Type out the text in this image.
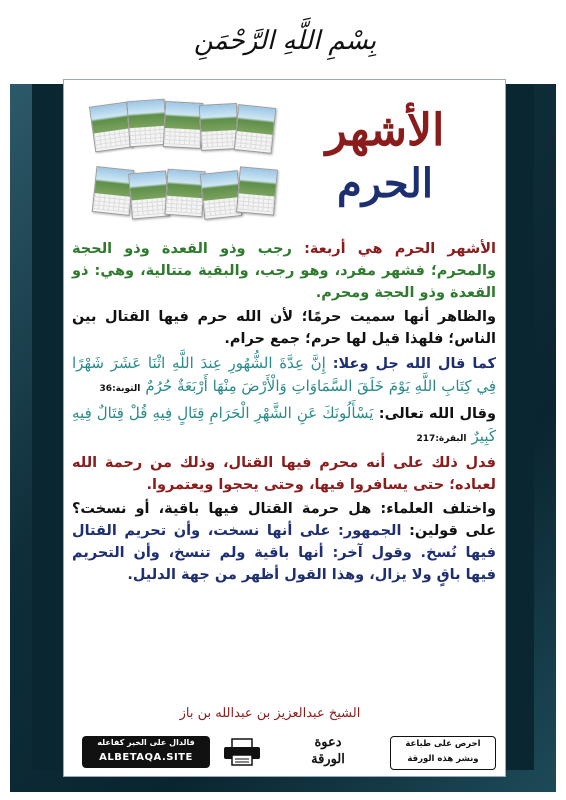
بِسْمِ اللَّهِ الرَّحْمَنِ
الأشهر
الحرم

الأشهر الحرم هي أربعة: رجب وذو القعدة وذو الحجة والمحرم؛ فشهر مفرد، وهو رجب، والبقية متتالية، وهي: ذو القعدة وذو الحجة ومحرم.

والظاهر أنها سميت حرمًا؛ لأن الله حرم فيها القتال بين الناس؛ فلهذا قيل لها حرم؛ جمع حرام.

كما قال الله جل وعلا: إِنَّ عِدَّةَ الشُّهُورِ عِندَ اللَّهِ اثْنَا عَشَرَ شَهْرًا فِي كِتَابِ اللَّهِ يَوْمَ خَلَقَ السَّمَاوَاتِ وَالْأَرْضَ مِنْهَا أَرْبَعَةٌ حُرُمٌ التوبة:36

وقال الله تعالى: يَسْأَلُونَكَ عَنِ الشَّهْرِ الْحَرَامِ قِتَالٍ فِيهِ قُلْ قِتَالٌ فِيهِ كَبِيرٌ البقرة:217

فدل ذلك على أنه محرم فيها القتال، وذلك من رحمة الله لعباده؛ حتى يسافروا فيها، وحتى يحجوا ويعتمروا.

واختلف العلماء: هل حرمة القتال فيها باقية، أو نسخت؟ على قولين: الجمهور: على أنها نسخت، وأن تحريم القتال فيها نُسخ. وقول آخر: أنها باقية ولم تنسخ، وأن التحريم فيها باقٍ ولا يزال، وهذا القول أظهر من جهة الدليل.

الشيخ عبدالعزيز بن عبدالله بن باز
فالدال على الخير كفاعله
ALBETAQA.SITE
دعوة
الورقة
احرص على طباعة
ونشر هذه الورقة
